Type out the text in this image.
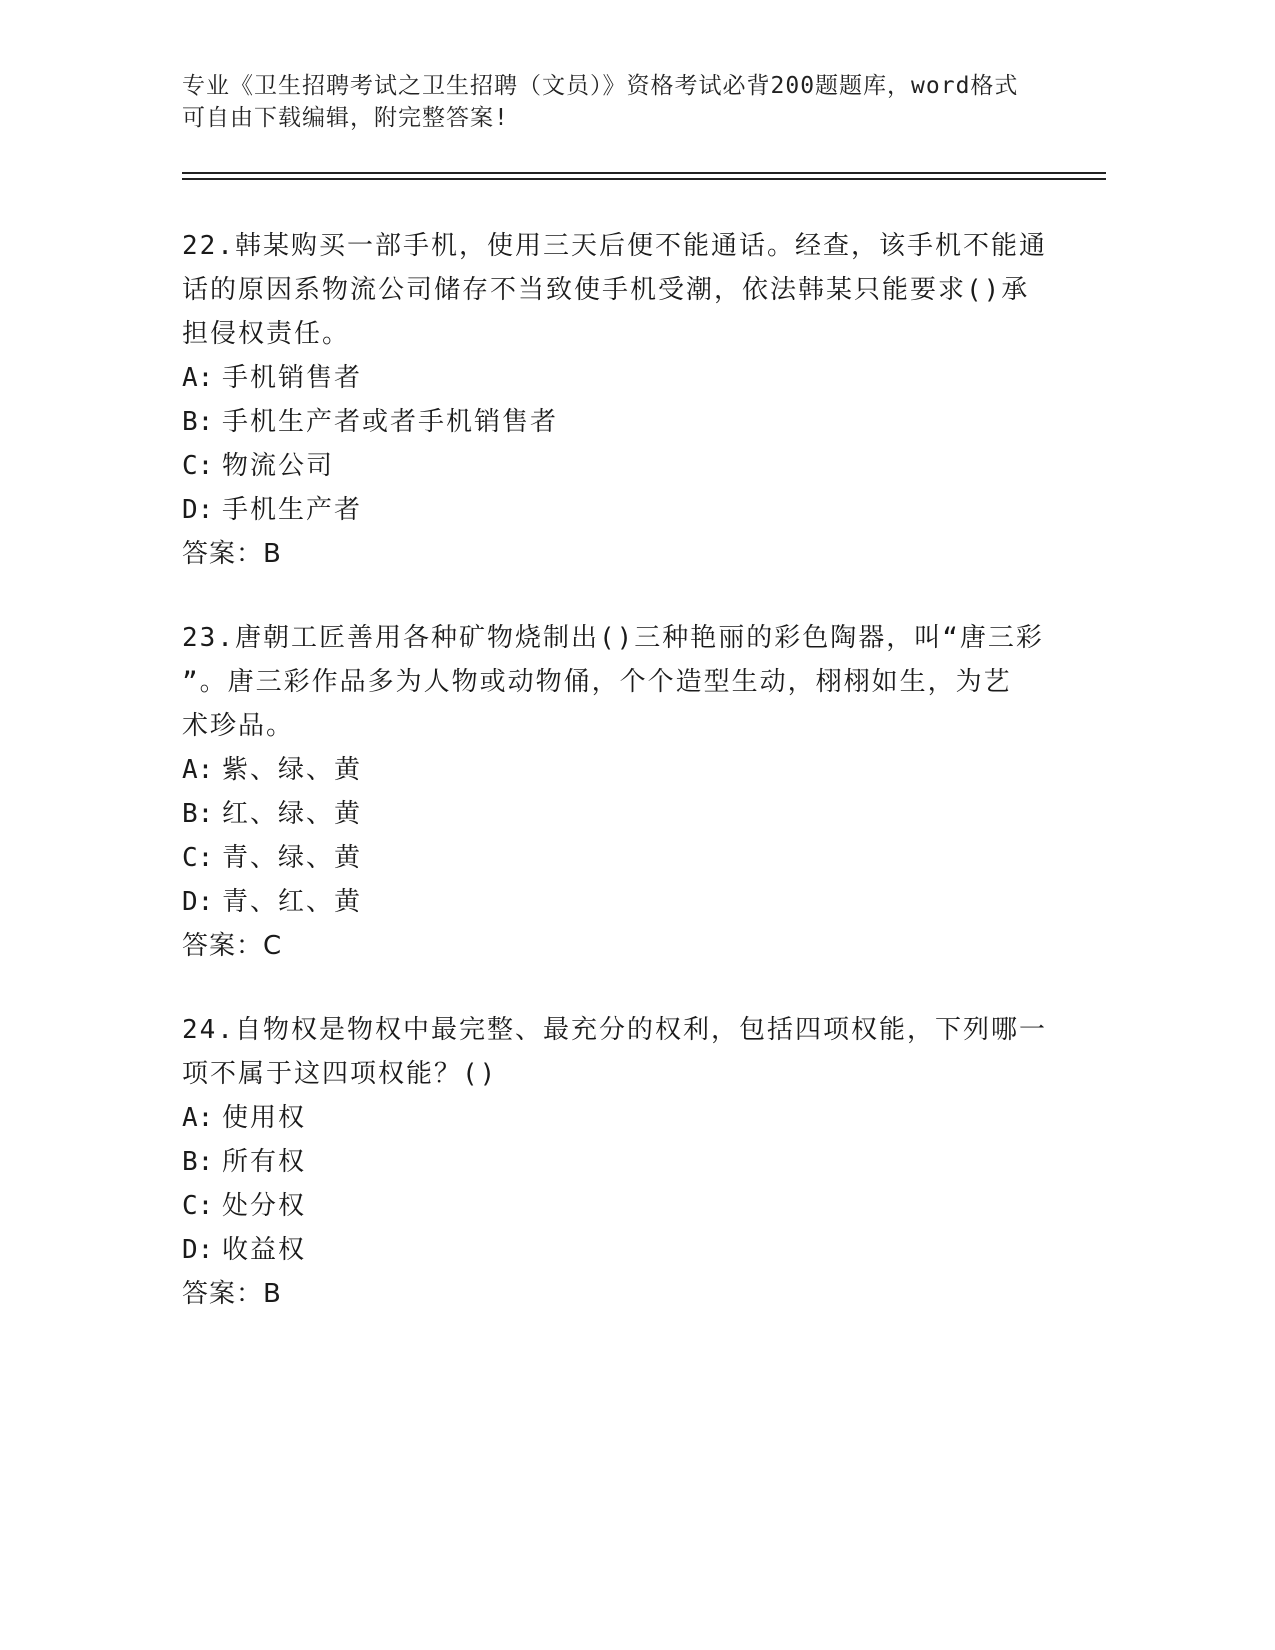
专业《卫生招聘考试之卫生招聘（文员）》资格考试必背200题题库，word格式
可自由下载编辑，附完整答案!
22.韩某购买一部手机，使用三天后便不能通话。经查，该手机不能通
话的原因系物流公司储存不当致使手机受潮，依法韩某只能要求()承
担侵权责任。
A: 手机销售者
B: 手机生产者或者手机销售者
C: 物流公司
D: 手机生产者
答案：B
23.唐朝工匠善用各种矿物烧制出()三种艳丽的彩色陶器，叫“唐三彩
”。唐三彩作品多为人物或动物俑，个个造型生动，栩栩如生，为艺
术珍品。
A: 紫、绿、黄
B: 红、绿、黄
C: 青、绿、黄
D: 青、红、黄
答案：C
24.自物权是物权中最完整、最充分的权利，包括四项权能，下列哪一
项不属于这四项权能？()
A: 使用权
B: 所有权
C: 处分权
D: 收益权
答案：B
